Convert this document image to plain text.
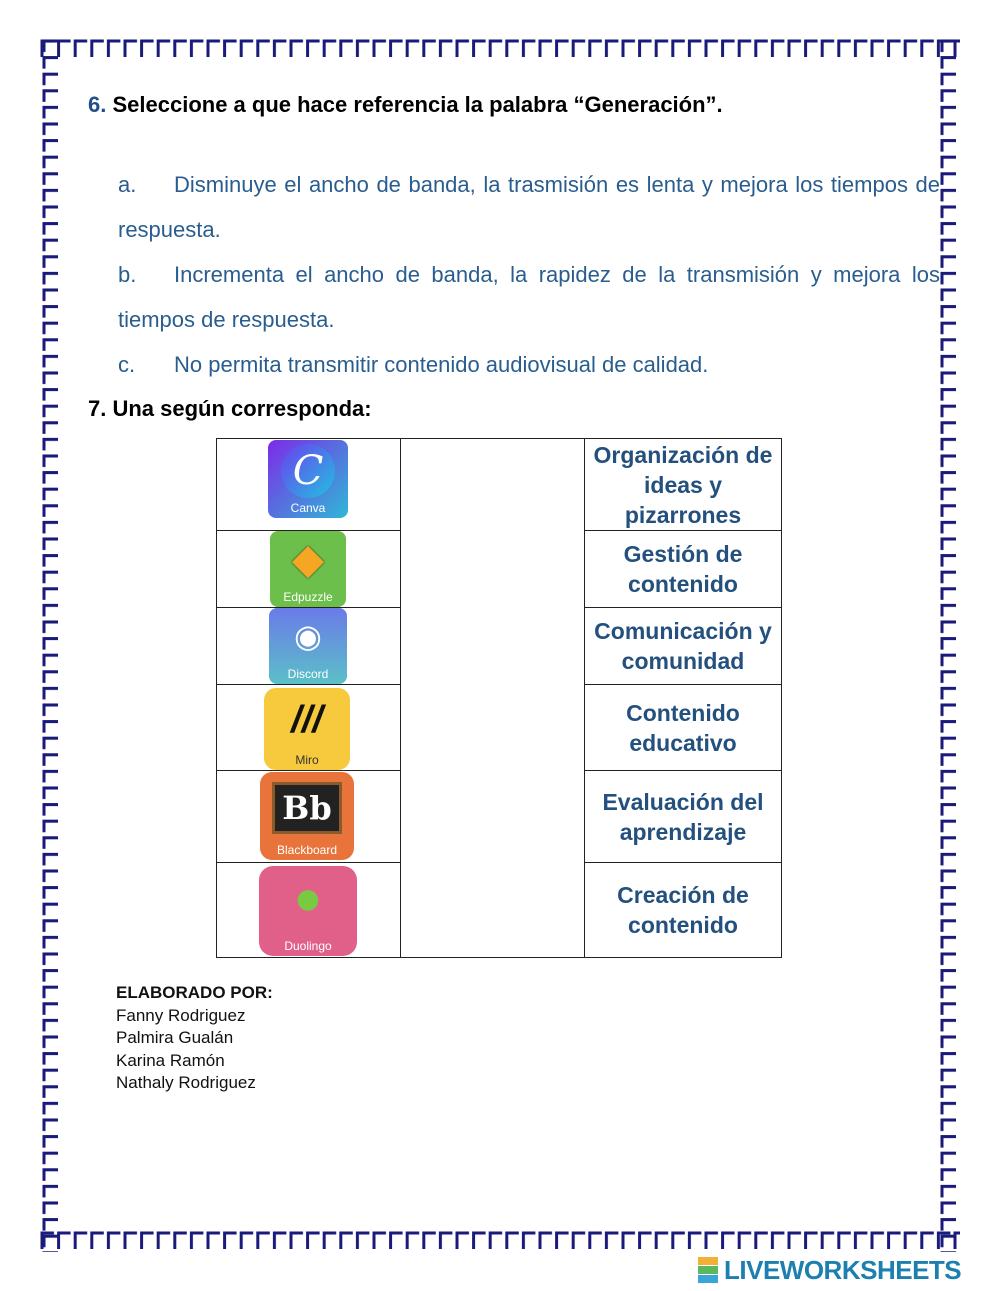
6. Seleccione a que hace referencia la palabra “Generación”.
a. Disminuye el ancho de banda, la trasmisión es lenta y mejora los tiempos de respuesta.
b. Incrementa el ancho de banda, la rapidez de la transmisión y mejora los tiempos de respuesta.
c. No permita transmitir contenido audiovisual de calidad.
7. Una según corresponda:
C
Canva		Organización de ideas y pizarrones

◆
Edpuzzle		Gestión de contenido

◉
Discord		Comunicación y comunidad

///
Miro		Contenido educativo

Bb
Blackboard		Evaluación del aprendizaje

●
Duolingo		Creación de contenido
ELABORADO POR:
Fanny Rodriguez
Palmira Gualán
Karina Ramón
Nathaly Rodriguez
LIVEWORKSHEETS
